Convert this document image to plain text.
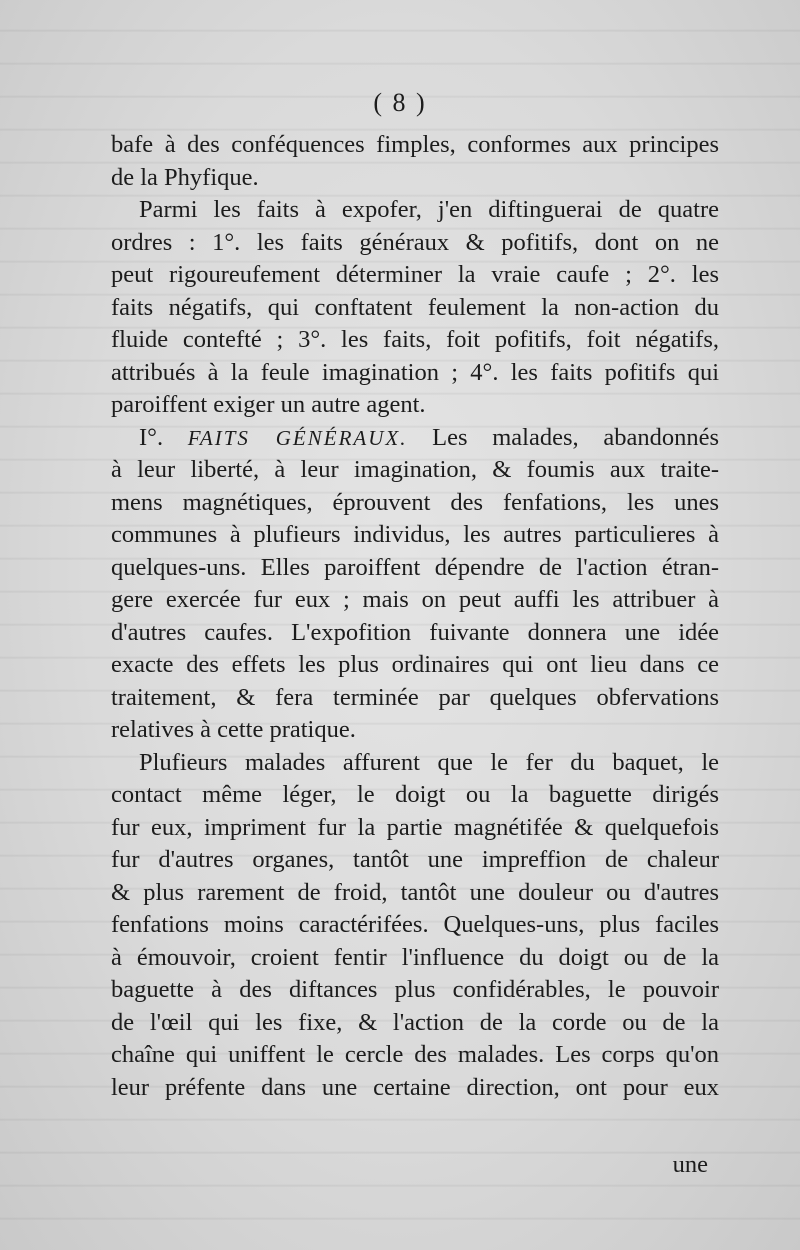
( 8 )
bafe à des conféquences fimples, conformes aux principes
de la Phyfique.
Parmi les faits à expofer, j'en diftinguerai de quatre
ordres : 1°. les faits généraux & pofitifs, dont on ne
peut rigoureufement déterminer la vraie caufe ; 2°. les
faits négatifs, qui conftatent feulement la non-action du
fluide contefté ; 3°. les faits, foit pofitifs, foit négatifs,
attribués à la feule imagination ; 4°. les faits pofitifs qui
paroiffent exiger un autre agent.
I°. FAITS GÉNÉRAUX. Les malades, abandonnés
à leur liberté, à leur imagination, & foumis aux traite-
mens magnétiques, éprouvent des fenfations, les unes
communes à plufieurs individus, les autres particulieres à
quelques-uns. Elles paroiffent dépendre de l'action étran-
gere exercée fur eux ; mais on peut auffi les attribuer à
d'autres caufes. L'expofition fuivante donnera une idée
exacte des effets les plus ordinaires qui ont lieu dans ce
traitement, & fera terminée par quelques obfervations
relatives à cette pratique.
Plufieurs malades affurent que le fer du baquet, le
contact même léger, le doigt ou la baguette dirigés
fur eux, impriment fur la partie magnétifée & quelquefois
fur d'autres organes, tantôt une impreffion de chaleur
& plus rarement de froid, tantôt une douleur ou d'autres
fenfations moins caractérifées. Quelques-uns, plus faciles
à émouvoir, croient fentir l'influence du doigt ou de la
baguette à des diftances plus confidérables, le pouvoir
de l'œil qui les fixe, & l'action de la corde ou de la
chaîne qui uniffent le cercle des malades. Les corps qu'on
leur préfente dans une certaine direction, ont pour eux
une
